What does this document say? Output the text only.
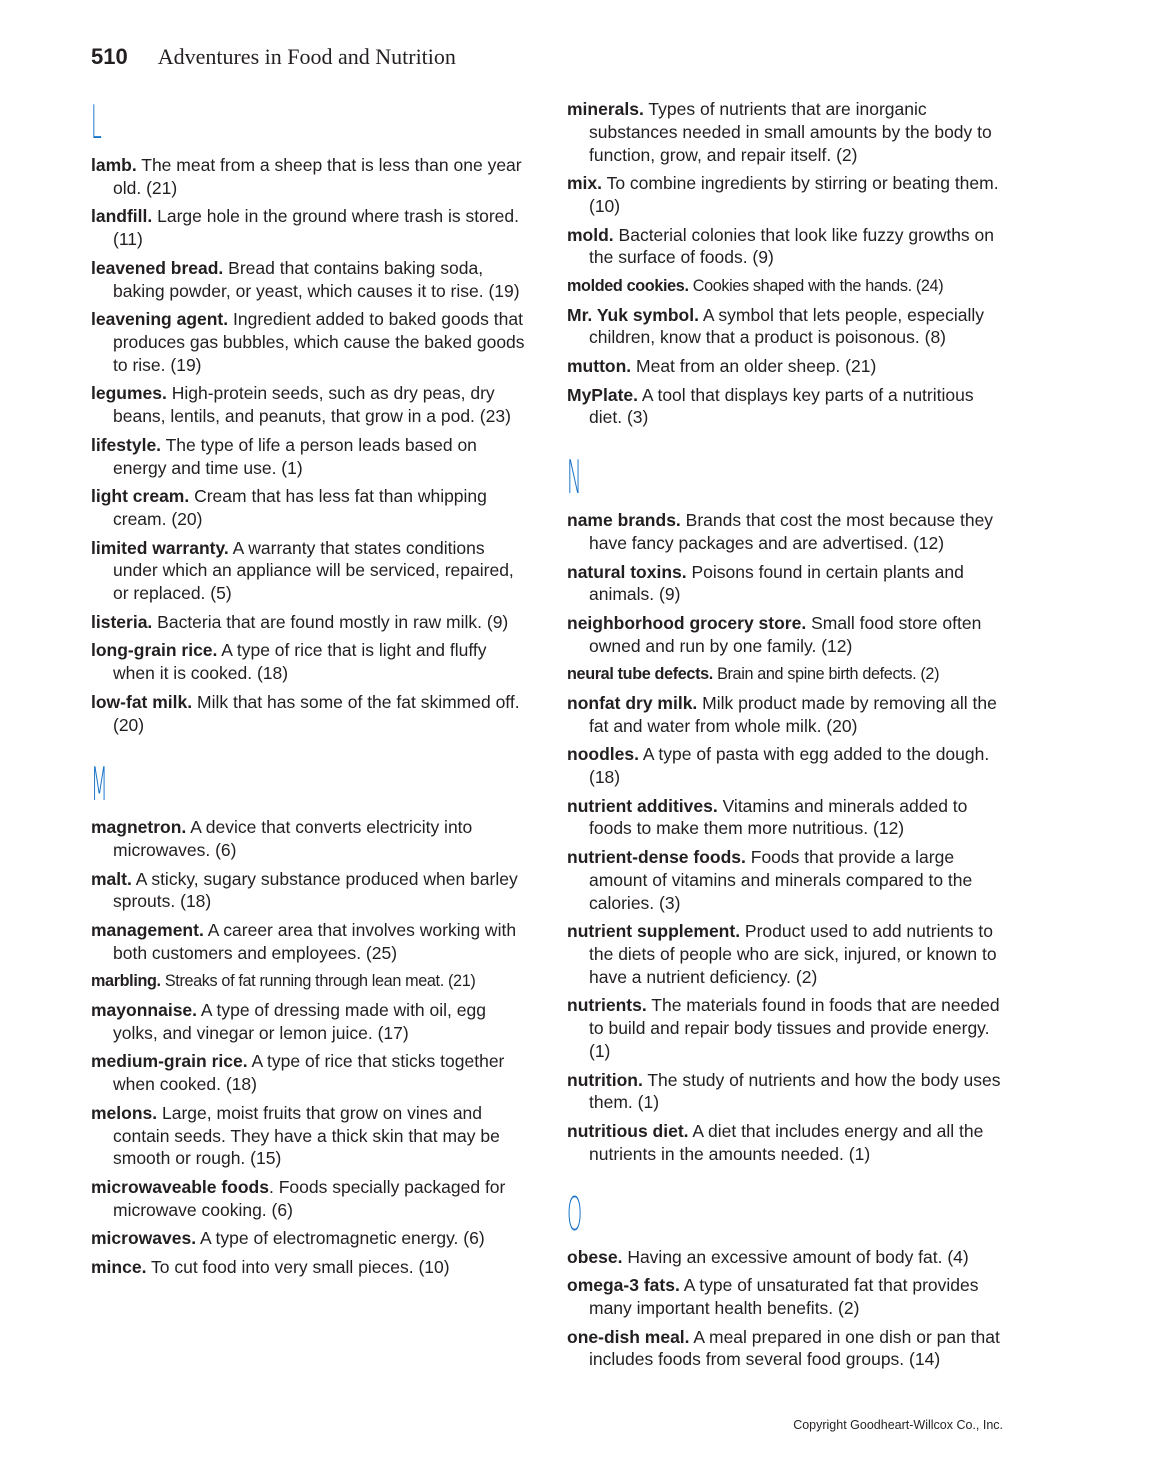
510 Adventures in Food and Nutrition
L
lamb. The meat from a sheep that is less than one year old. (21)
landfill. Large hole in the ground where trash is stored. (11)
leavened bread. Bread that contains baking soda, baking powder, or yeast, which causes it to rise. (19)
leavening agent. Ingredient added to baked goods that produces gas bubbles, which cause the baked goods to rise. (19)
legumes. High-protein seeds, such as dry peas, dry beans, lentils, and peanuts, that grow in a pod. (23)
lifestyle. The type of life a person leads based on energy and time use. (1)
light cream. Cream that has less fat than whipping cream. (20)
limited warranty. A warranty that states conditions under which an appliance will be serviced, repaired, or replaced. (5)
listeria. Bacteria that are found mostly in raw milk. (9)
long-grain rice. A type of rice that is light and fluffy when it is cooked. (18)
low-fat milk. Milk that has some of the fat skimmed off. (20)
M
magnetron. A device that converts electricity into microwaves. (6)
malt. A sticky, sugary substance produced when barley sprouts. (18)
management. A career area that involves working with both customers and employees. (25)
marbling. Streaks of fat running through lean meat. (21)
mayonnaise. A type of dressing made with oil, egg yolks, and vinegar or lemon juice. (17)
medium-grain rice. A type of rice that sticks together when cooked. (18)
melons. Large, moist fruits that grow on vines and contain seeds. They have a thick skin that may be smooth or rough. (15)
microwaveable foods. Foods specially packaged for microwave cooking. (6)
microwaves. A type of electromagnetic energy. (6)
mince. To cut food into very small pieces. (10)
minerals. Types of nutrients that are inorganic substances needed in small amounts by the body to function, grow, and repair itself. (2)
mix. To combine ingredients by stirring or beating them. (10)
mold. Bacterial colonies that look like fuzzy growths on the surface of foods. (9)
molded cookies. Cookies shaped with the hands. (24)
Mr. Yuk symbol. A symbol that lets people, especially children, know that a product is poisonous. (8)
mutton. Meat from an older sheep. (21)
MyPlate. A tool that displays key parts of a nutritious diet. (3)
N
name brands. Brands that cost the most because they have fancy packages and are advertised. (12)
natural toxins. Poisons found in certain plants and animals. (9)
neighborhood grocery store. Small food store often owned and run by one family. (12)
neural tube defects. Brain and spine birth defects. (2)
nonfat dry milk. Milk product made by removing all the fat and water from whole milk. (20)
noodles. A type of pasta with egg added to the dough. (18)
nutrient additives. Vitamins and minerals added to foods to make them more nutritious. (12)
nutrient-dense foods. Foods that provide a large amount of vitamins and minerals compared to the calories. (3)
nutrient supplement. Product used to add nutrients to the diets of people who are sick, injured, or known to have a nutrient deficiency. (2)
nutrients. The materials found in foods that are needed to build and repair body tissues and provide energy. (1)
nutrition. The study of nutrients and how the body uses them. (1)
nutritious diet. A diet that includes energy and all the nutrients in the amounts needed. (1)
O
obese. Having an excessive amount of body fat. (4)
omega-3 fats. A type of unsaturated fat that provides many important health benefits. (2)
one-dish meal. A meal prepared in one dish or pan that includes foods from several food groups. (14)
Copyright Goodheart-Willcox Co., Inc.
